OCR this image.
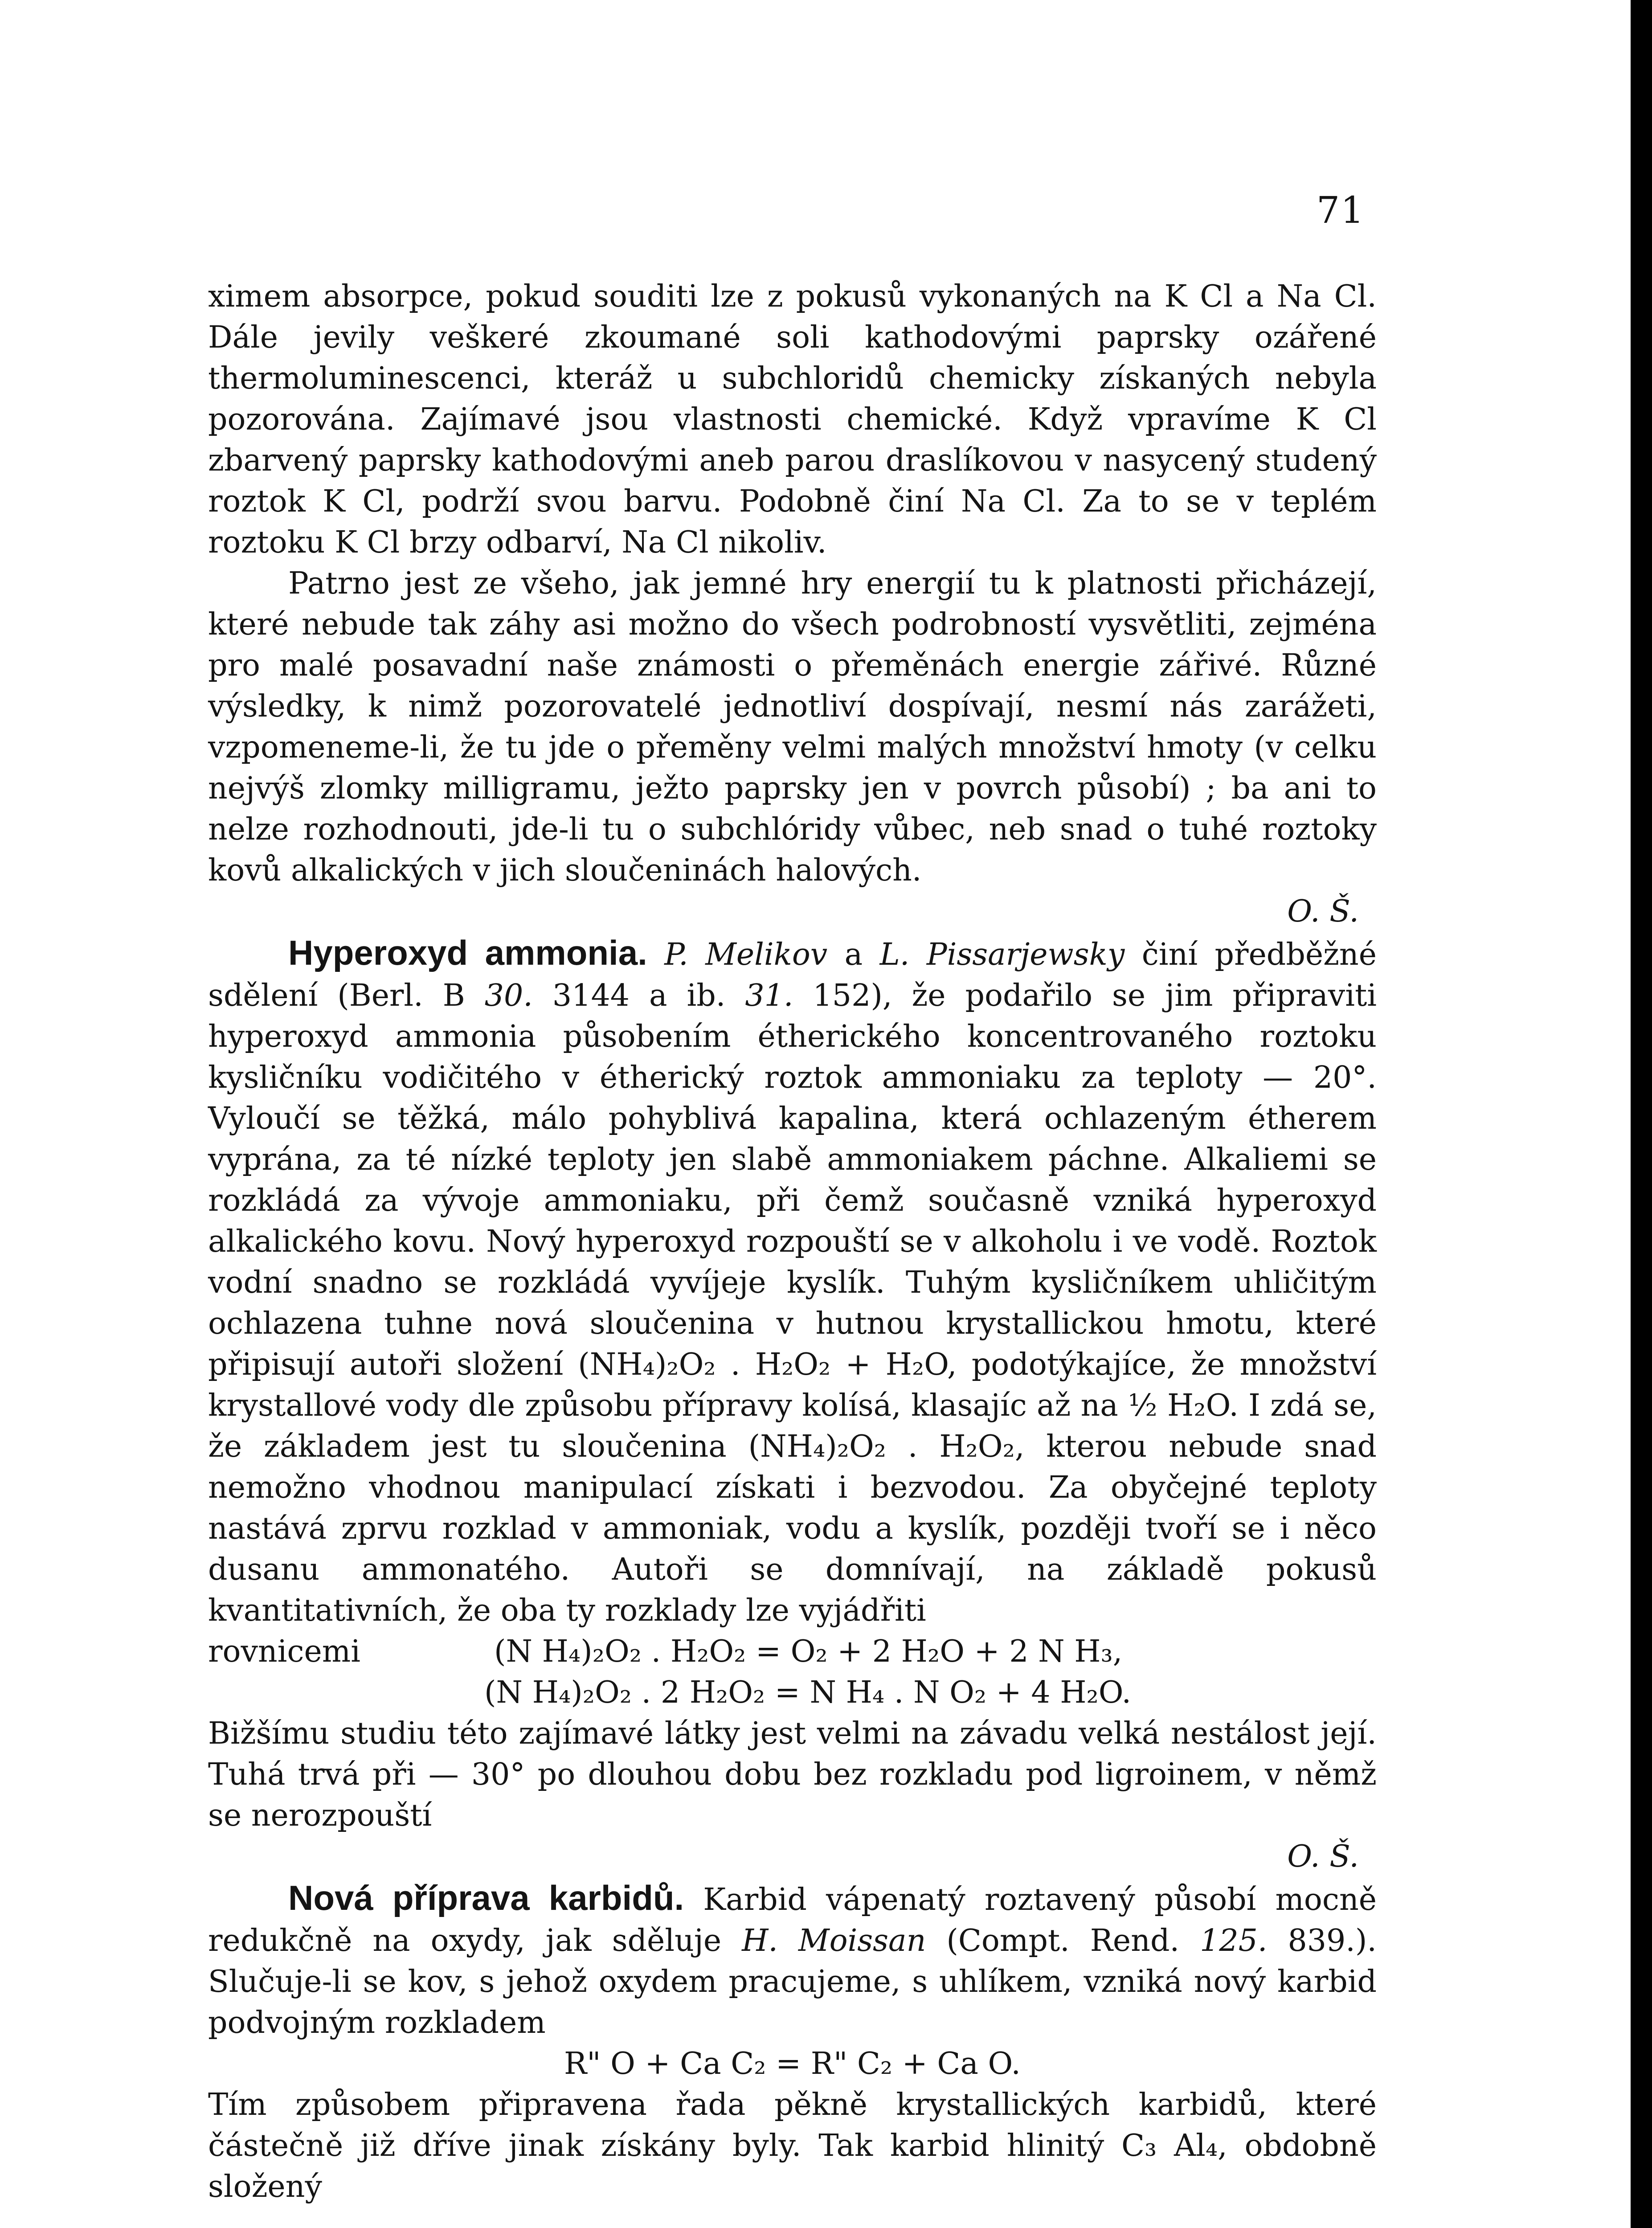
71

ximem absorpce, pokud souditi lze z pokusů vykonaných na K Cl a Na Cl. Dále jevily veškeré zkoumané soli kathodovými paprsky ozářené thermoluminescenci, kteráž u subchloridů chemicky získaných nebyla pozorována. Zajímavé jsou vlastnosti chemické. Když vpravíme K Cl zbarvený paprsky kathodovými aneb parou draslíkovou v nasycený studený roztok K Cl, podrží svou barvu. Podobně činí Na Cl. Za to se v teplém roztoku K Cl brzy odbarví, Na Cl nikoliv.

Patrno jest ze všeho, jak jemné hry energií tu k platnosti přicházejí, které nebude tak záhy asi možno do všech podrobností vysvětliti, zejména pro malé posavadní naše známosti o přeměnách energie zářivé. Různé výsledky, k nimž pozorovatelé jednotliví dospívají, nesmí nás zarážeti, vzpomeneme-li, že tu jde o přeměny velmi malých množství hmoty (v celku nejvýš zlomky milligramu, ježto paprsky jen v povrch působí) ; ba ani to nelze rozhodnouti, jde-li tu o subchlóridy vůbec, neb snad o tuhé roztoky kovů alkalických v jich sloučeninách halových.
O. Š.

Hyperoxyd ammonia. P. Melikov a L. Pissarjewsky činí předběžné sdělení (Berl. B 30. 3144 a ib. 31. 152), že podařilo se jim připraviti hyperoxyd ammonia působením étherického koncentrovaného roztoku kysličníku vodičitého v étherický roztok ammoniaku za teploty — 20°. Vyloučí se těžká, málo pohyblivá kapalina, která ochlazeným étherem vyprána, za té nízké teploty jen slabě ammoniakem páchne. Alkaliemi se rozkládá za vývoje ammoniaku, při čemž současně vzniká hyperoxyd alkalického kovu. Nový hyperoxyd rozpouští se v alkoholu i ve vodě. Roztok vodní snadno se rozkládá vyvíjeje kyslík. Tuhým kysličníkem uhličitým ochlazena tuhne nová sloučenina v hutnou krystallickou hmotu, které připisují autoři složení (NH₄)₂O₂ . H₂O₂ + H₂O, podotýkajíce, že množství krystallové vody dle způsobu přípravy kolísá, klasajíc až na ½ H₂O. I zdá se, že základem jest tu sloučenina (NH₄)₂O₂ . H₂O₂, kterou nebude snad nemožno vhodnou manipulací získati i bezvodou. Za obyčejné teploty nastává zprvu rozklad v ammoniak, vodu a kyslík, později tvoří se i něco dusanu ammonatého. Autoři se domnívají, na základě pokusů kvantitativních, že oba ty rozklady lze vyjádřiti

rovnicemi	(N H₄)₂O₂ . H₂O₂ = O₂ + 2 H₂O + 2 N H₃,

(N H₄)₂O₂ . 2 H₂O₂ = N H₄ . N O₂ + 4 H₂O.

Bižšímu studiu této zajímavé látky jest velmi na závadu velká nestálost její. Tuhá trvá při — 30° po dlouhou dobu bez rozkladu pod ligroinem, v němž se nerozpouští
O. Š.

Nová příprava karbidů. Karbid vápenatý roztavený působí mocně redukčně na oxydy, jak sděluje H. Moissan (Compt. Rend. 125. 839.). Slučuje-li se kov, s jehož oxydem pracujeme, s uhlíkem, vzniká nový karbid podvojným rozkladem

R" O + Ca C₂ = R" C₂ + Ca O.

Tím způsobem připravena řada pěkně krystallických karbidů, které částečně již dříve jinak získány byly. Tak karbid hlinitý C₃ Al₄, obdobně složený
